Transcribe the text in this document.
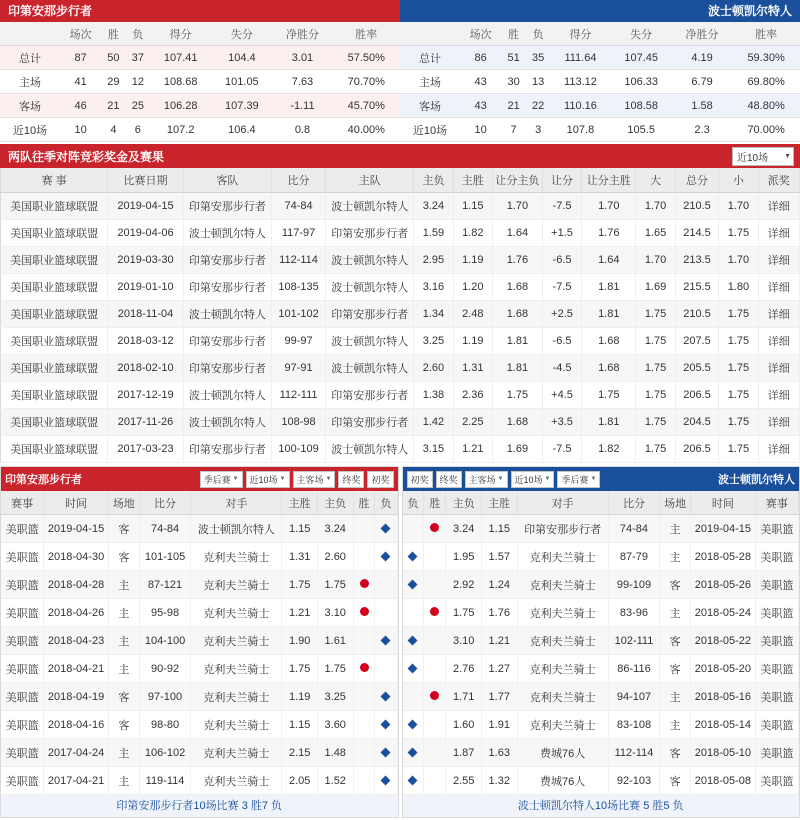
印第安那步行者
	场次	胜	负	得分	失分	净胜分	胜率
总计	87	50	37	107.41	104.4	3.01	57.50%
主场	41	29	12	108.68	101.05	7.63	70.70%
客场	46	21	25	106.28	107.39	-1.11	45.70%
近10场	10	4	6	107.2	106.4	0.8	40.00%
波士顿凯尔特人
	场次	胜	负	得分	失分	净胜分	胜率
总计	86	51	35	111.64	107.45	4.19	59.30%
主场	43	30	13	113.12	106.33	6.79	69.80%
客场	43	21	22	110.16	108.58	1.58	48.80%
近10场	10	7	3	107.8	105.5	2.3	70.00%
两队往季对阵竞彩奖金及赛果	近10场 ▼
赛 事	比赛日期	客队	比分	主队	主负	主胜	让分主负	让分	让分主胜	大	总分	小	派奖
美国职业篮球联盟	2019-04-15	印第安那步行者	74-84	波士顿凯尔特人	3.24	1.15	1.70	-7.5	1.70	1.70	210.5	1.70	详细
美国职业篮球联盟	2019-04-06	波士顿凯尔特人	117-97	印第安那步行者	1.59	1.82	1.64	+1.5	1.76	1.65	214.5	1.75	详细
美国职业篮球联盟	2019-03-30	印第安那步行者	112-114	波士顿凯尔特人	2.95	1.19	1.76	-6.5	1.64	1.70	213.5	1.70	详细
美国职业篮球联盟	2019-01-10	印第安那步行者	108-135	波士顿凯尔特人	3.16	1.20	1.68	-7.5	1.81	1.69	215.5	1.80	详细
美国职业篮球联盟	2018-11-04	波士顿凯尔特人	101-102	印第安那步行者	1.34	2.48	1.68	+2.5	1.81	1.75	210.5	1.75	详细
美国职业篮球联盟	2018-03-12	印第安那步行者	99-97	波士顿凯尔特人	3.25	1.19	1.81	-6.5	1.68	1.75	207.5	1.75	详细
美国职业篮球联盟	2018-02-10	印第安那步行者	97-91	波士顿凯尔特人	2.60	1.31	1.81	-4.5	1.68	1.75	205.5	1.75	详细
美国职业篮球联盟	2017-12-19	波士顿凯尔特人	112-111	印第安那步行者	1.38	2.36	1.75	+4.5	1.75	1.75	206.5	1.75	详细
美国职业篮球联盟	2017-11-26	波士顿凯尔特人	108-98	印第安那步行者	1.42	2.25	1.68	+3.5	1.81	1.75	204.5	1.75	详细
美国职业篮球联盟	2017-03-23	印第安那步行者	100-109	波士顿凯尔特人	3.15	1.21	1.69	-7.5	1.82	1.75	206.5	1.75	详细
印第安那步行者	季后赛 ▼ 近10场 ▼ 主客场 ▼ 终奖 初奖
赛事	时间	场地	比分	对手	主胜	主负	胜	负
美职篮	2019-04-15	客	74-84	波士顿凯尔特人	1.15	3.24		
美职篮	2018-04-30	客	101-105	克利夫兰骑士	1.31	2.60		
美职篮	2018-04-28	主	87-121	克利夫兰骑士	1.75	1.75		
美职篮	2018-04-26	主	95-98	克利夫兰骑士	1.21	3.10		
美职篮	2018-04-23	主	104-100	克利夫兰骑士	1.90	1.61		
美职篮	2018-04-21	主	90-92	克利夫兰骑士	1.75	1.75		
美职篮	2018-04-19	客	97-100	克利夫兰骑士	1.19	3.25		
美职篮	2018-04-16	客	98-80	克利夫兰骑士	1.15	3.60		
美职篮	2017-04-24	主	106-102	克利夫兰骑士	2.15	1.48		
美职篮	2017-04-21	主	119-114	克利夫兰骑士	2.05	1.52		
印第安那步行者10场比赛 3 胜7 负
初奖 终奖 主客场 ▼ 近10场 ▼ 季后赛 ▼	波士顿凯尔特人
负	胜	主负	主胜	对手	比分	场地	时间	赛事
		3.24	1.15	印第安那步行者	74-84	主	2019-04-15	美职篮
		1.95	1.57	克利夫兰骑士	87-79	主	2018-05-28	美职篮
		2.92	1.24	克利夫兰骑士	99-109	客	2018-05-26	美职篮
		1.75	1.76	克利夫兰骑士	83-96	主	2018-05-24	美职篮
		3.10	1.21	克利夫兰骑士	102-111	客	2018-05-22	美职篮
		2.76	1.27	克利夫兰骑士	86-116	客	2018-05-20	美职篮
		1.71	1.77	克利夫兰骑士	94-107	主	2018-05-16	美职篮
		1.60	1.91	克利夫兰骑士	83-108	主	2018-05-14	美职篮
		1.87	1.63	费城76人	112-114	客	2018-05-10	美职篮
		2.55	1.32	费城76人	92-103	客	2018-05-08	美职篮
波士顿凯尔特人10场比赛 5 胜5 负
